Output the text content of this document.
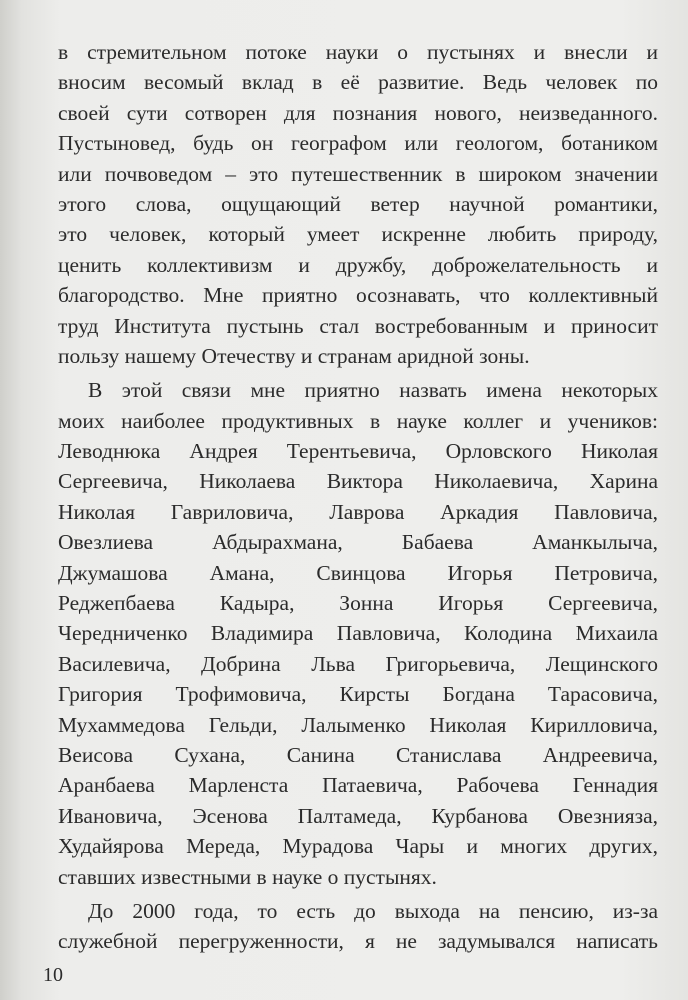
в стремительном потоке науки о пустынях и внесли и
вносим весомый вклад в её развитие. Ведь человек по
своей сути сотворен для познания нового, неизведанного.
Пустыновед, будь он географом или геологом, ботаником
или почвоведом – это путешественник в широком значении
этого слова, ощущающий ветер научной романтики,
это человек, который умеет искренне любить природу,
ценить коллективизм и дружбу, доброжелательность и
благородство. Мне приятно осознавать, что коллективный
труд Института пустынь стал востребованным и приносит
пользу нашему Отечеству и странам аридной зоны.
В этой связи мне приятно назвать имена некоторых
моих наиболее продуктивных в науке коллег и учеников:
Леводнюка Андрея Терентьевича, Орловского Николая
Сергеевича, Николаева Виктора Николаевича, Харина
Николая Гавриловича, Лаврова Аркадия Павловича,
Овезлиева Абдырахмана, Бабаева Аманкылыча,
Джумашова Амана, Свинцова Игорья Петровича,
Реджепбаева Кадыра, Зонна Игорья Сергеевича,
Чередниченко Владимира Павловича, Колодина Михаила
Василевича, Добрина Льва Григорьевича, Лещинского
Григория Трофимовича, Кирсты Богдана Тарасовича,
Мухаммедова Гельди, Лалыменко Николая Кирилловича,
Веисова Сухана, Санина Станислава Андреевича,
Аранбаева Марленста Патаевича, Рабочева Геннадия
Ивановича, Эсенова Палтамеда, Курбанова Овезнияза,
Худайярова Мереда, Мурадова Чары и многих других,
ставших известными в науке о пустынях.
До 2000 года, то есть до выхода на пенсию, из-за
служебной перегруженности, я не задумывался написать
10
